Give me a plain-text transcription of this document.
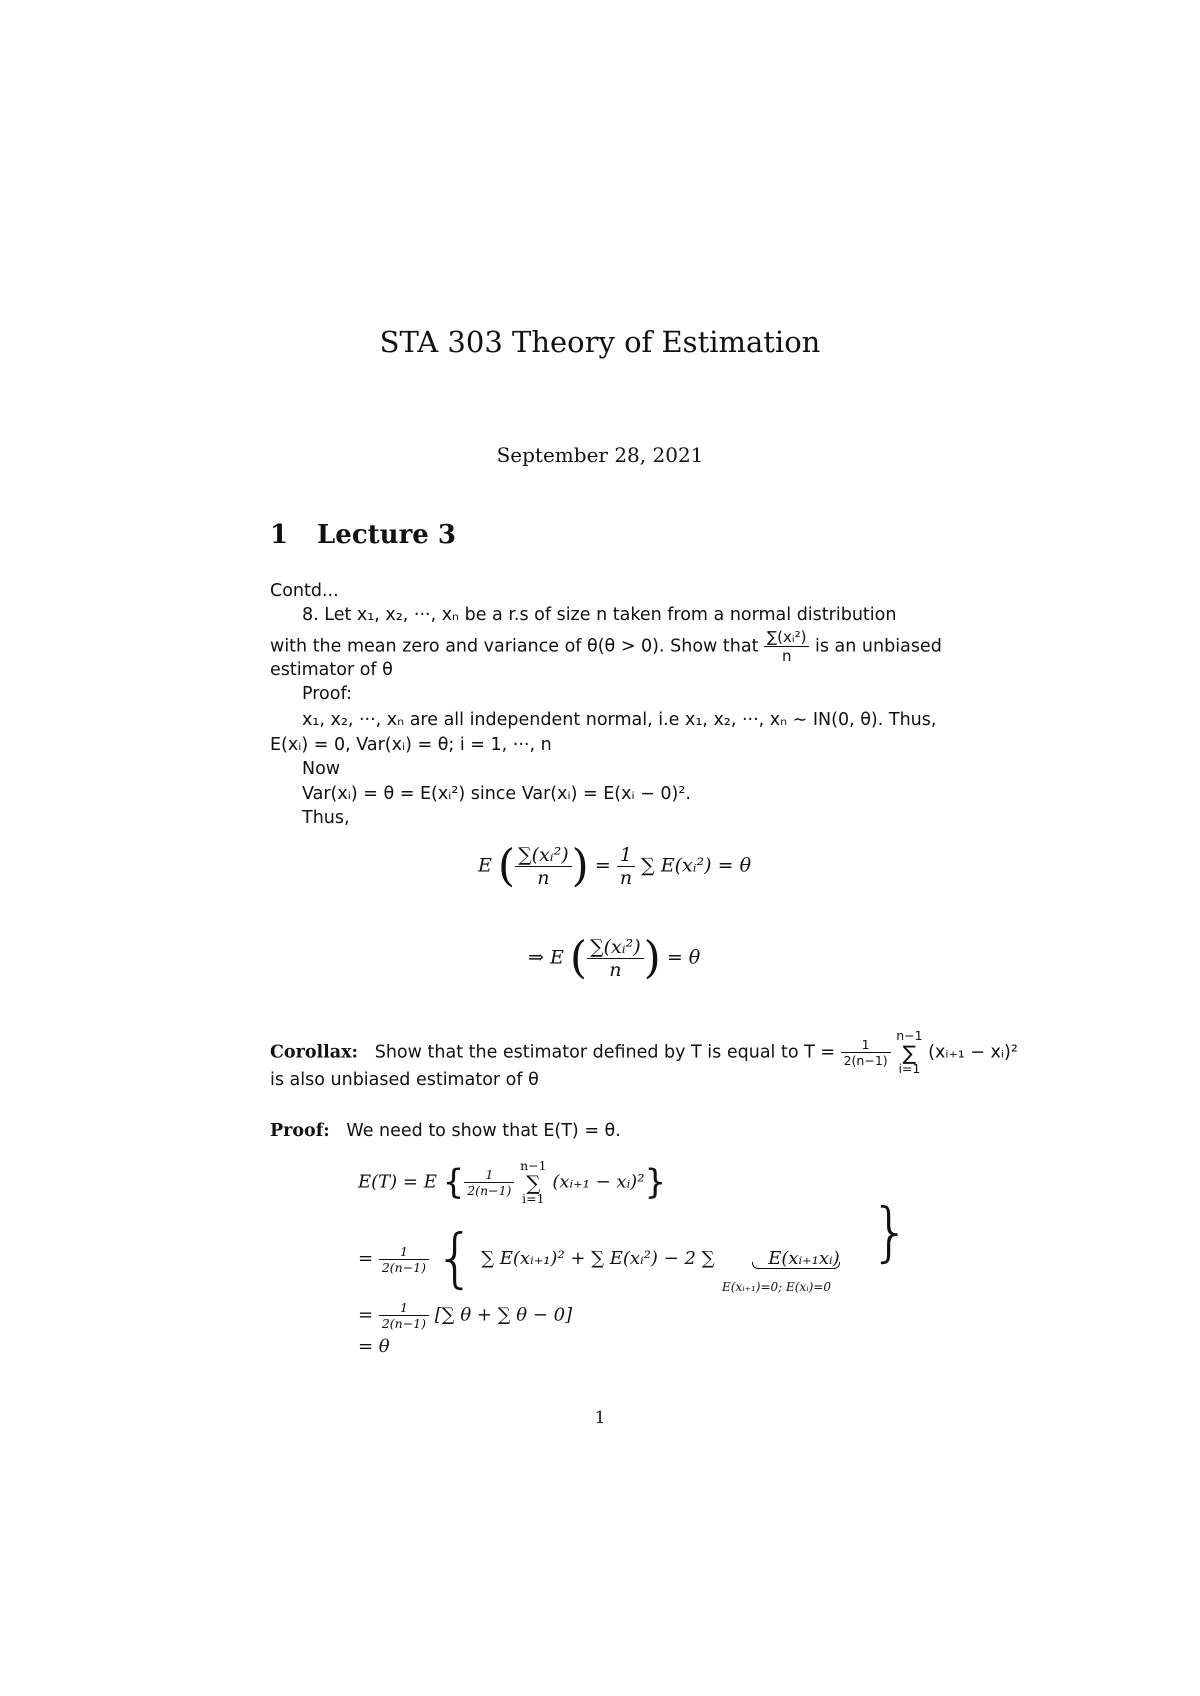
STA 303 Theory of Estimation
September 28, 2021
1 Lecture 3
Contd...
8. Let x₁, x₂, ···, xₙ be a r.s of size n taken from a normal distribution
with the mean zero and variance of θ(θ > 0). Show that $\frac{\text{∑(xᵢ²)}}{n}$ is an unbiased
estimator of θ
Proof:
x₁, x₂, ···, xₙ are all independent normal, i.e x₁, x₂, ···, xₙ ∼ IN(0, θ). Thus,
E(xᵢ) = 0, Var(xᵢ) = θ; i = 1, ···, n
Now
Var(xᵢ) = θ = E(xᵢ²) since Var(xᵢ) = E(xᵢ − 0)².
Thus,
E ( $\frac{\text{∑(xᵢ²)}}{n}$ ) = $\frac{1}{n}$ ∑ E(xᵢ²) = θ
⇒ E ( $\frac{\text{∑(xᵢ²)}}{n}$ ) = θ
Corollax: Show that the estimator defined by T is equal to $T = \frac{1}{2(n-1)}$

n−1
∑
i=1
(xᵢ₊₁ − xᵢ)²
is also unbiased estimator of θ
Proof: We need to show that E(T) = θ.
E(T) = E { $\frac{1}{2(n-1)}$

n−1
∑
i=1
(xᵢ₊₁ − xᵢ)²}
= $\frac{1}{2(n-1)}$ { ∑ E(xᵢ₊₁)² + ∑ E(xᵢ²) − 2 ∑	E(xᵢ₊₁xᵢ) }
E(xᵢ₊₁)=0; E(xᵢ)=0
= $\frac{1}{2(n-1)}$ [∑ θ + ∑ θ − 0]
= θ
1
